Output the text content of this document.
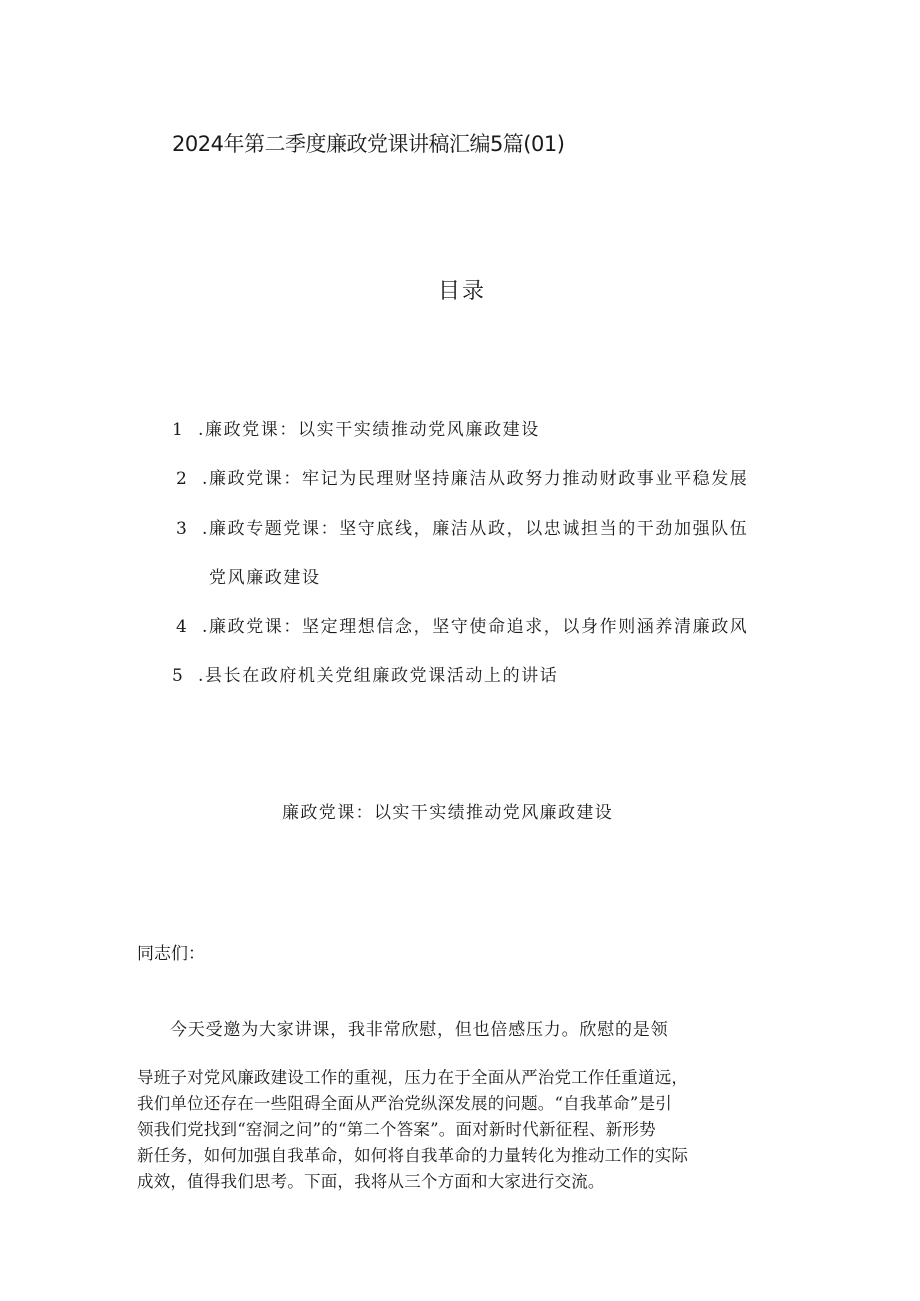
2024年第二季度廉政党课讲稿汇编5篇(01)
目录
1 .廉政党课：以实干实绩推动党风廉政建设
2 .廉政党课：牢记为民理财坚持廉洁从政努力推动财政事业平稳发展
3 .廉政专题党课：坚守底线，廉洁从政，以忠诚担当的干劲加强队伍
党风廉政建设
4 .廉政党课：坚定理想信念，坚守使命追求，以身作则涵养清廉政风
5 .县长在政府机关党组廉政党课活动上的讲话
廉政党课：以实干实绩推动党风廉政建设
同志们：
今天受邀为大家讲课，我非常欣慰，但也倍感压力。欣慰的是领
导班子对党风廉政建设工作的重视，压力在于全面从严治党工作任重道远，
我们单位还存在一些阻碍全面从严治党纵深发展的问题。“自我革命”是引
领我们党找到“窑洞之问”的“第二个答案”。面对新时代新征程、新形势
新任务，如何加强自我革命，如何将自我革命的力量转化为推动工作的实际
成效，值得我们思考。下面，我将从三个方面和大家进行交流。
